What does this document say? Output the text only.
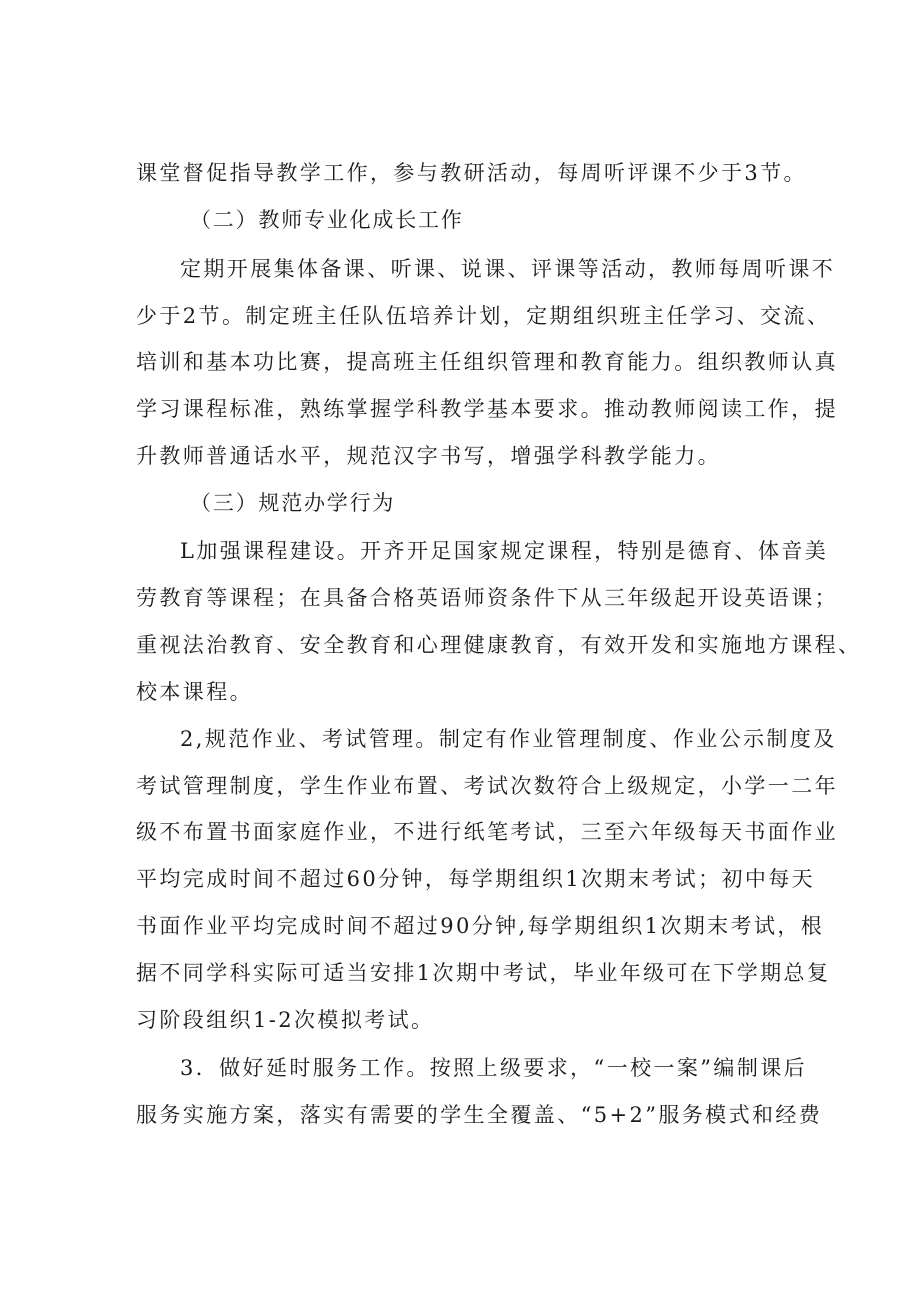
课堂督促指导教学工作，参与教研活动，每周听评课不少于3节。
（二）教师专业化成长工作
定期开展集体备课、听课、说课、评课等活动，教师每周听课不
少于2节。制定班主任队伍培养计划，定期组织班主任学习、交流、
培训和基本功比赛，提高班主任组织管理和教育能力。组织教师认真
学习课程标准，熟练掌握学科教学基本要求。推动教师阅读工作，提
升教师普通话水平，规范汉字书写，增强学科教学能力。
（三）规范办学行为
L加强课程建设。开齐开足国家规定课程，特别是德育、体音美
劳教育等课程；在具备合格英语师资条件下从三年级起开设英语课；
重视法治教育、安全教育和心理健康教育，有效开发和实施地方课程、
校本课程。
2,规范作业、考试管理。制定有作业管理制度、作业公示制度及
考试管理制度，学生作业布置、考试次数符合上级规定，小学一二年
级不布置书面家庭作业，不进行纸笔考试，三至六年级每天书面作业
平均完成时间不超过60分钟，每学期组织1次期末考试；初中每天
书面作业平均完成时间不超过90分钟,每学期组织1次期末考试，根
据不同学科实际可适当安排1次期中考试，毕业年级可在下学期总复
习阶段组织1-2次模拟考试。
3．做好延时服务工作。按照上级要求，“一校一案”编制课后
服务实施方案，落实有需要的学生全覆盖、“5+2”服务模式和经费
